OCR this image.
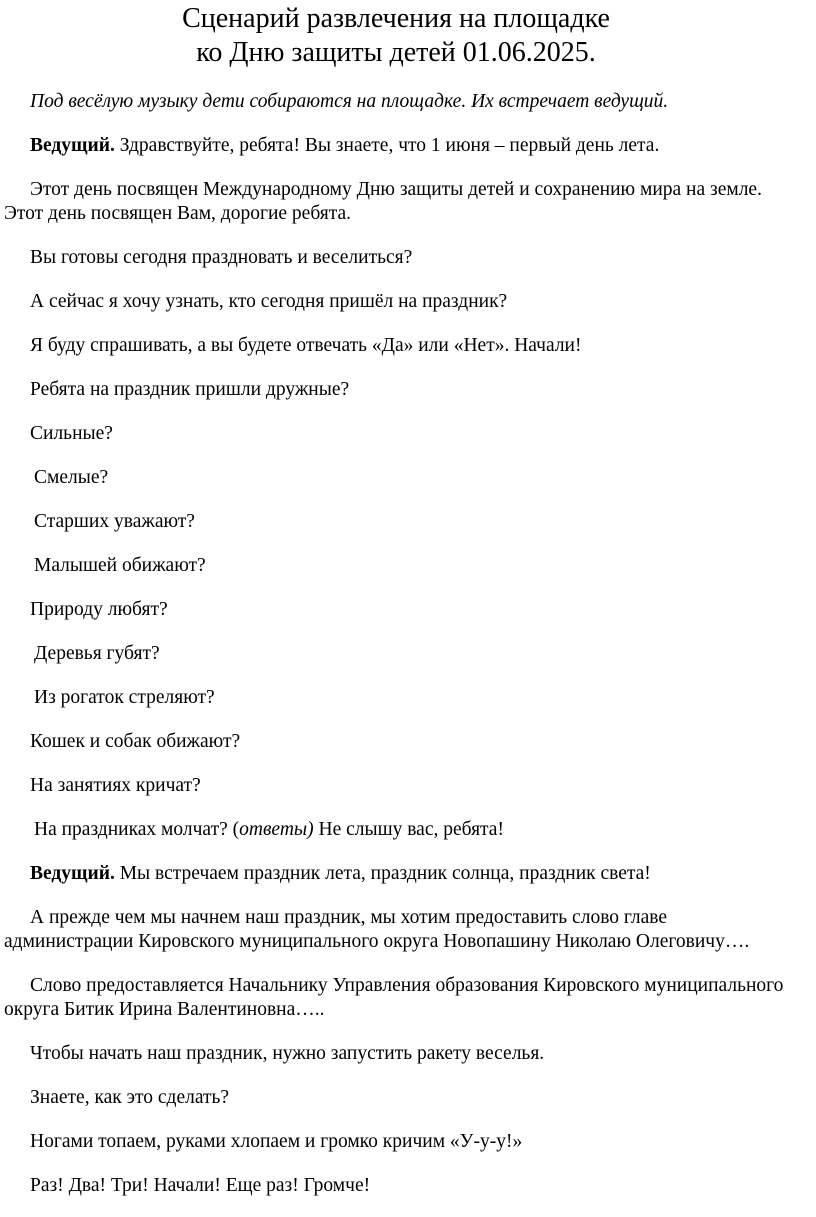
Сценарий развлечения на площадке
ко Дню защиты детей 01.06.2025.

Под весёлую музыку дети собираются на площадке. Их встречает ведущий.

Ведущий. Здравствуйте, ребята! Вы знаете, что 1 июня – первый день лета.

Этот день посвящен Международному Дню защиты детей и сохранению мира на земле. Этот день посвящен Вам, дорогие ребята.

Вы готовы сегодня праздновать и веселиться?

А сейчас я хочу узнать, кто сегодня пришёл на праздник?

Я буду спрашивать, а вы будете отвечать «Да» или «Нет». Начали!

Ребята на праздник пришли дружные?

Сильные?

Смелые?

Старших уважают?

Малышей обижают?

Природу любят?

Деревья губят?

Из рогаток стреляют?

Кошек и собак обижают?

На занятиях кричат?

На праздниках молчат? (ответы) Не слышу вас, ребята!

Ведущий. Мы встречаем праздник лета, праздник солнца, праздник света!

А прежде чем мы начнем наш праздник, мы хотим предоставить слово главе администрации Кировского муниципального округа Новопашину Николаю Олеговичу….

Слово предоставляется Начальнику Управления образования Кировского муниципального округа Битик Ирина Валентиновна…..

Чтобы начать наш праздник, нужно запустить ракету веселья.

Знаете, как это сделать?

Ногами топаем, руками хлопаем и громко кричим «У-у-у!»

Раз! Два! Три! Начали! Еще раз! Громче!
